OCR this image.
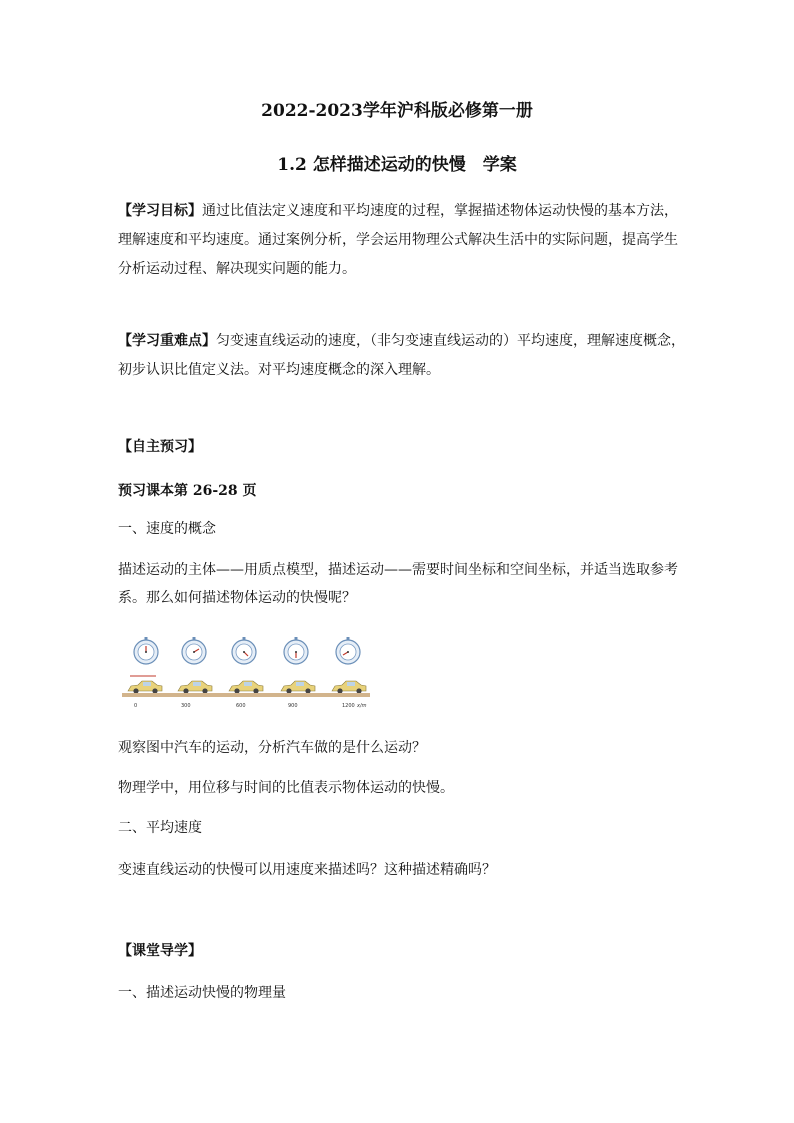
2022-2023学年沪科版必修第一册
1.2 怎样描述运动的快慢　学案
【学习目标】通过比值法定义速度和平均速度的过程，掌握描述物体运动快慢的基本方法，
理解速度和平均速度。通过案例分析，学会运用物理公式解决生活中的实际问题，提高学生
分析运动过程、解决现实问题的能力。
【学习重难点】匀变速直线运动的速度，（非匀变速直线运动的）平均速度，理解速度概念，
初步认识比值定义法。对平均速度概念的深入理解。
【自主预习】
预习课本第 26-28 页
一、速度的概念
描述运动的主体——用质点模型，描述运动——需要时间坐标和空间坐标，并适当选取参考
系。那么如何描述物体运动的快慢呢？
0	300	600	900	1200 x/m
观察图中汽车的运动，分析汽车做的是什么运动？
物理学中，用位移与时间的比值表示物体运动的快慢。
二、平均速度
变速直线运动的快慢可以用速度来描述吗？这种描述精确吗？
【课堂导学】
一、描述运动快慢的物理量
